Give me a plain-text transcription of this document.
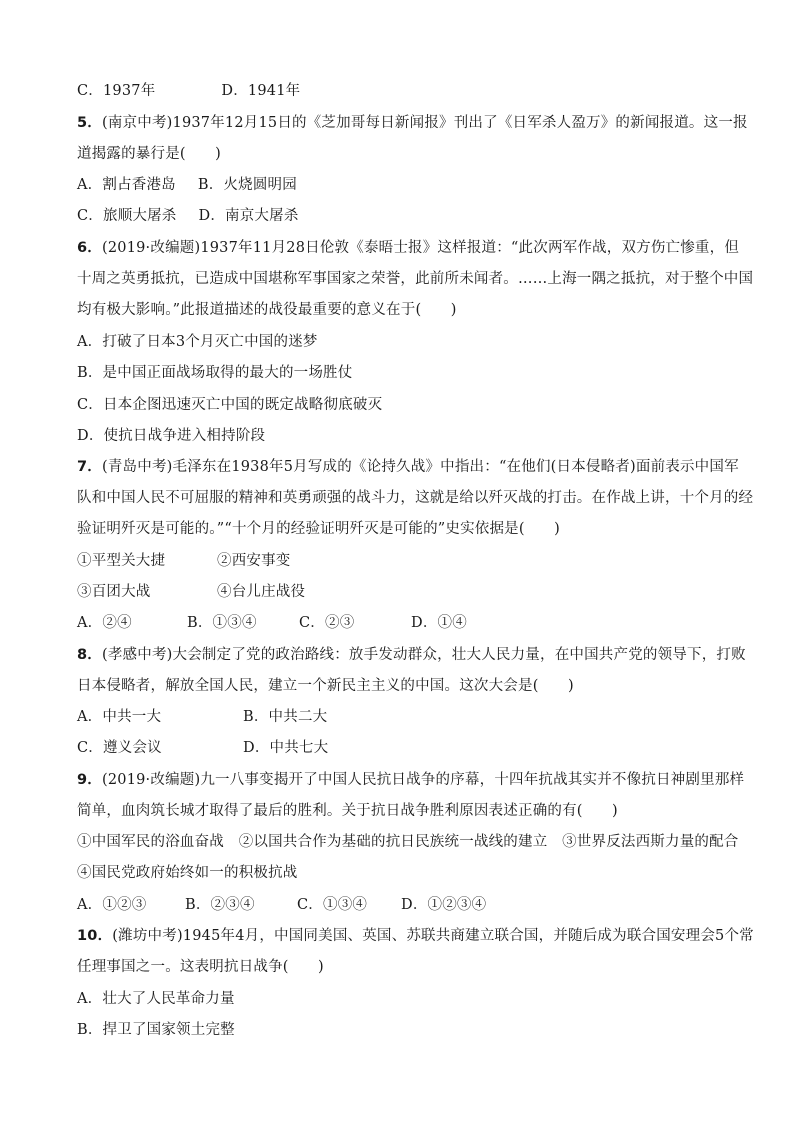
C．1937年	D．1941年
5．(南京中考)1937年12月15日的《芝加哥每日新闻报》刊出了《日军杀人盈万》的新闻报道。这一报
道揭露的暴行是(　　)
A．割占香港岛 B．火烧圆明园
C．旅顺大屠杀 D．南京大屠杀
6．(2019·改编题)1937年11月28日伦敦《泰晤士报》这样报道：“此次两军作战，双方伤亡惨重，但
十周之英勇抵抗，已造成中国堪称军事国家之荣誉，此前所未闻者。……上海一隅之抵抗，对于整个中国
均有极大影响。”此报道描述的战役最重要的意义在于(　　)
A．打破了日本3个月灭亡中国的迷梦
B．是中国正面战场取得的最大的一场胜仗
C．日本企图迅速灭亡中国的既定战略彻底破灭
D．使抗日战争进入相持阶段
7．(青岛中考)毛泽东在1938年5月写成的《论持久战》中指出：“在他们(日本侵略者)面前表示中国军
队和中国人民不可屈服的精神和英勇顽强的战斗力，这就是给以歼灭战的打击。在作战上讲，十个月的经
验证明歼灭是可能的。”“十个月的经验证明歼灭是可能的”史实依据是(　　)
①平型关大捷	②西安事变
③百团大战	④台儿庄战役
A．②④	B．①③④	C．②③	D．①④
8．(孝感中考)大会制定了党的政治路线：放手发动群众，壮大人民力量，在中国共产党的领导下，打败
日本侵略者，解放全国人民，建立一个新民主主义的中国。这次大会是(　　)
A．中共一大	B．中共二大
C．遵义会议	D．中共七大
9．(2019·改编题)九一八事变揭开了中国人民抗日战争的序幕，十四年抗战其实并不像抗日神剧里那样
简单，血肉筑长城才取得了最后的胜利。关于抗日战争胜利原因表述正确的有(　　)
①中国军民的浴血奋战　②以国共合作为基础的抗日民族统一战线的建立　③世界反法西斯力量的配合
④国民党政府始终如一的积极抗战
A．①②③	B．②③④	C．①③④ D．①②③④
10．(潍坊中考)1945年4月，中国同美国、英国、苏联共商建立联合国，并随后成为联合国安理会5个常
任理事国之一。这表明抗日战争(　　)
A．壮大了人民革命力量
B．捍卫了国家领土完整
